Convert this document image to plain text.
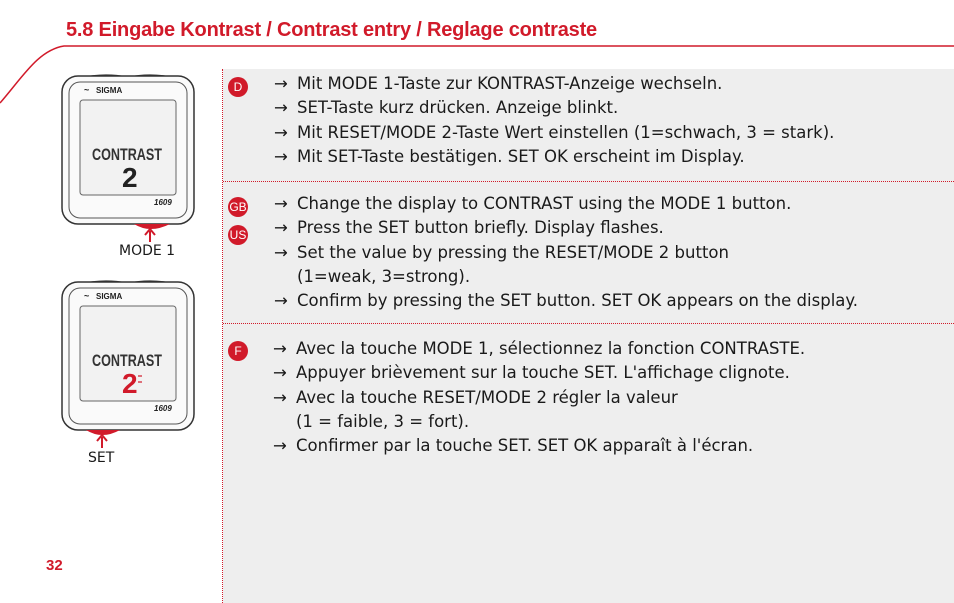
5.8 Eingabe Kontrast / Contrast entry / Reglage contraste
D	→ Mit MODE 1-Taste zur KONTRAST-Anzeige wechseln.
→ SET-Taste kurz drücken. Anzeige blinkt.
→ Mit RESET/MODE 2-Taste Wert einstellen (1=schwach, 3 = stark).
→ Mit SET-Taste bestätigen. SET OK erscheint im Display.
GB
US
→ Change the display to CONTRAST using the MODE 1 button.
→ Press the SET button briefly. Display flashes.
→ Set the value by pressing the RESET/MODE 2 button
(1=weak, 3=strong).
→ Confirm by pressing the SET button. SET OK appears on the display.
F	→ Avec la touche MODE 1, sélectionnez la fonction CONTRASTE.
→ Appuyer brièvement sur la touche SET. L'affichage clignote.
→ Avec la touche RESET/MODE 2 régler la valeur
(1 = faible, 3 = fort).
→ Confirmer par la touche SET. SET OK apparaît à l'écran.
~ SIGMA
CONTRAST
2
1609
MODE 1
~ SIGMA
CONTRAST
2
1609
SET
32
